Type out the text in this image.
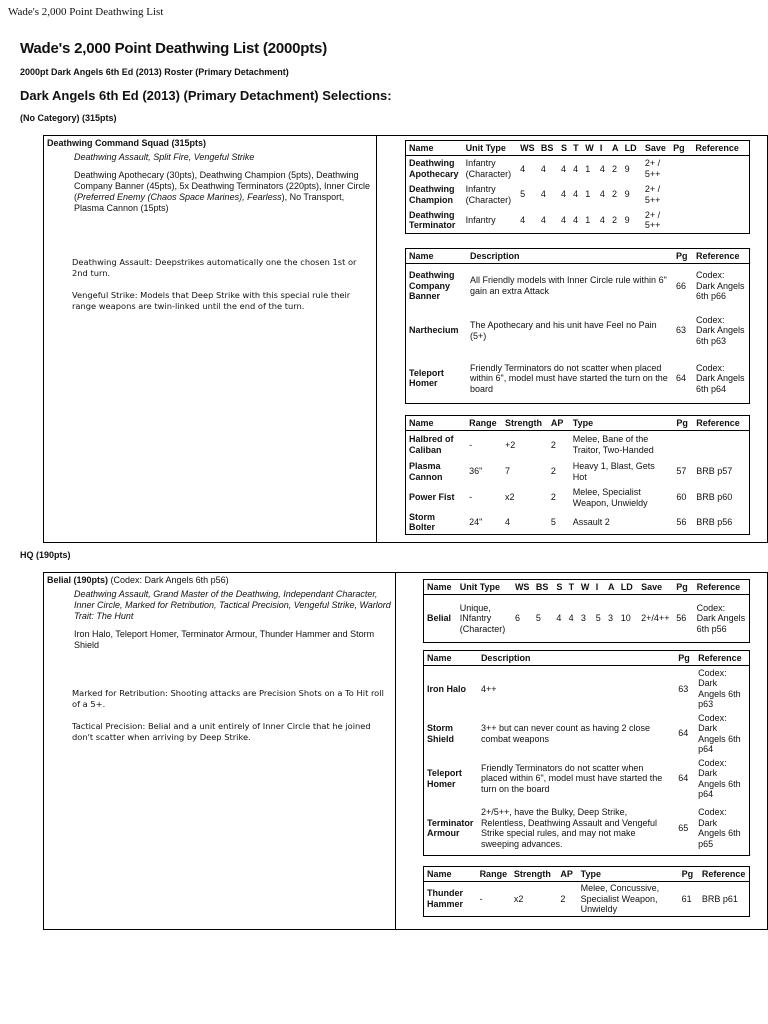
Wade's 2,000 Point Deathwing List
Wade's 2,000 Point Deathwing List (2000pts)
2000pt Dark Angels 6th Ed (2013) Roster (Primary Detachment)
Dark Angels 6th Ed (2013) (Primary Detachment) Selections:
(No Category) (315pts)
Deathwing Command Squad (315pts)
Deathwing Assault, Split Fire, Vengeful Strike
Deathwing Apothecary (30pts), Deathwing Champion (5pts), Deathwing Company Banner (45pts), 5x Deathwing Terminators (220pts), Inner Circle (Preferred Enemy (Chaos Space Marines), Fearless), No Transport, Plasma Cannon (15pts)
Deathwing Assault: Deepstrikes automatically one the chosen 1st or 2nd turn.
Vengeful Strike: Models that Deep Strike with this special rule their range weapons are twin-linked until the end of the turn.
Name	Unit Type	WS	BS	S	T	W	I	A	LD	Save	Pg	Reference
Deathwing Apothecary	Infantry (Character)	4	4	4	4	1	4	2	9	2+ / 5++		
Deathwing Champion	Infantry (Character)	5	4	4	4	1	4	2	9	2+ / 5++		
Deathwing Terminator	Infantry	4	4	4	4	1	4	2	9	2+ / 5++		
Name	Description	Pg	Reference
Deathwing Company Banner	All Friendly models with Inner Circle rule within 6" gain an extra Attack	66	Codex: Dark Angels 6th p66
Narthecium	The Apothecary and his unit have Feel no Pain (5+)	63	Codex: Dark Angels 6th p63
Teleport Homer	Friendly Terminators do not scatter when placed within 6", model must have started the turn on the board	64	Codex: Dark Angels 6th p64
Name	Range	Strength	AP	Type	Pg	Reference
Halbred of Caliban	-	+2	2	Melee, Bane of the Traitor, Two-Handed		
Plasma Cannon	36"	7	2	Heavy 1, Blast, Gets Hot	57	BRB p57
Power Fist	-	x2	2	Melee, Specialist Weapon, Unwieldy	60	BRB p60
Storm Bolter	24"	4	5	Assault 2	56	BRB p56
HQ (190pts)
Belial (190pts) (Codex: Dark Angels 6th p56)
Deathwing Assault, Grand Master of the Deathwing, Independant Character, Inner Circle, Marked for Retribution, Tactical Precision, Vengeful Strike, Warlord Trait: The Hunt
Iron Halo, Teleport Homer, Terminator Armour, Thunder Hammer and Storm Shield
Marked for Retribution: Shooting attacks are Precision Shots on a To Hit roll of a 5+.
Tactical Precision: Belial and a unit entirely of Inner Circle that he joined don't scatter when arriving by Deep Strike.
Name	Unit Type	WS	BS	S	T	W	I	A	LD	Save	Pg	Reference
Belial	Unique, INfantry (Character)	6	5	4	4	3	5	3	10	2+/4++	56	Codex: Dark Angels 6th p56
Name	Description	Pg	Reference
Iron Halo	4++	63	Codex: Dark Angels 6th p63
Storm Shield	3++ but can never count as having 2 close combat weapons	64	Codex: Dark Angels 6th p64
Teleport Homer	Friendly Terminators do not scatter when placed within 6", model must have started the turn on the board	64	Codex: Dark Angels 6th p64
Terminator Armour	2+/5++, have the Bulky, Deep Strike, Relentless, Deathwing Assault and Vengeful Strike special rules, and may not make sweeping advances.	65	Codex: Dark Angels 6th p65
Name	Range	Strength	AP	Type	Pg	Reference
Thunder Hammer	-	x2	2	Melee, Concussive, Specialist Weapon, Unwieldy	61	BRB p61
